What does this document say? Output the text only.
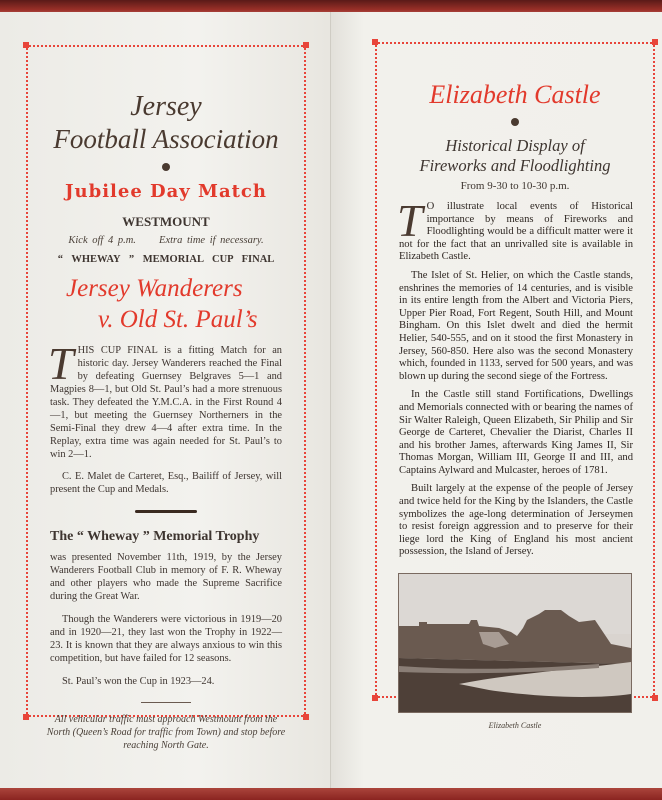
Jersey
Football Association
Jubilee Day Match
WESTMOUNT
Kick off 4 p.m. Extra time if necessary.
“ WHEWAY ” MEMORIAL CUP FINAL
Jersey Wanderers
v. Old St. Paul’s
THIS CUP FINAL is a fitting Match for an historic day. Jersey Wanderers reached the Final by defeating Guernsey Belgraves 5—1 and Magpies 8—1, but Old St. Paul’s had a more strenuous task. They defeated the Y.M.C.A. in the First Round 4—1, but meeting the Guernsey Northerners in the Semi-Final they drew 4—4 after extra time. In the Replay, extra time was again needed for St. Paul’s to win 2—1.
C. E. Malet de Carteret, Esq., Bailiff of Jersey, will present the Cup and Medals.
The “ Wheway ” Memorial Trophy
was presented November 11th, 1919, by the Jersey Wanderers Football Club in memory of F. R. Wheway and other players who made the Supreme Sacrifice during the Great War.
Though the Wanderers were victorious in 1919—20 and in 1920—21, they last won the Trophy in 1922—23. It is known that they are always anxious to win this competition, but have failed for 12 seasons.
St. Paul’s won the Cup in 1923—24.
All vehicular traffic must approach Westmount from the North (Queen’s Road for traffic from Town) and stop before reaching North Gate.
Elizabeth Castle
Historical Display of
Fireworks and Floodlighting
From 9-30 to 10-30 p.m.
T O illustrate local events of Historical importance by means of Fireworks and Floodlighting would be a difficult matter were it not for the fact that an unrivalled site is available in Elizabeth Castle.
The Islet of St. Helier, on which the Castle stands, enshrines the memories of 14 centuries, and is visible in its entire length from the Albert and Victoria Piers, Upper Pier Road, Fort Regent, South Hill, and Mount Bingham. On this Islet dwelt and died the hermit Helier, 540-555, and on it stood the first Monastery in Jersey, 560-850. Here also was the second Monastery which, founded in 1133, served for 500 years, and was blown up during the second siege of the Fortress.
In the Castle still stand Fortifications, Dwellings and Memorials connected with or bearing the names of Sir Walter Raleigh, Queen Elizabeth, Sir Philip and Sir George de Carteret, Chevalier the Diarist, Charles II and his brother James, afterwards King James II, Sir Thomas Morgan, William III, George II and III, and Captains Aylward and Mulcaster, heroes of 1781.
Built largely at the expense of the people of Jersey and twice held for the King by the Islanders, the Castle symbolizes the age-long determination of Jerseymen to resist foreign aggression and to preserve for their liege lord the King of England his most ancient possession, the Island of Jersey.
Elizabeth Castle
